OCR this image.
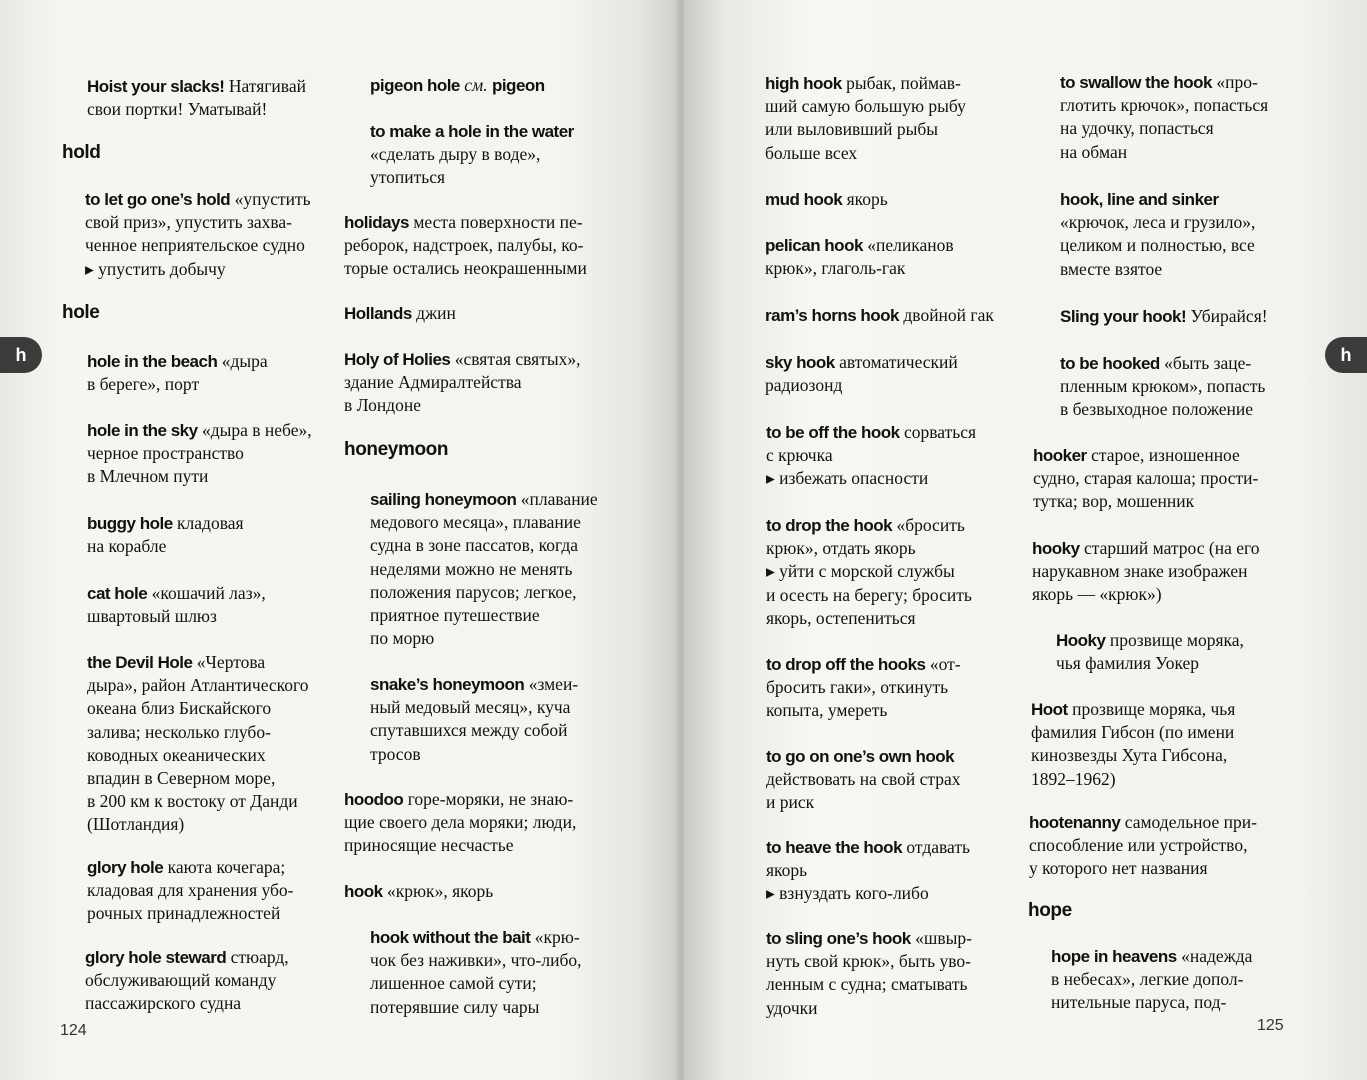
h
124	125
h
Hoist your slacks! Натягивай
свои портки! Уматывай!
hold
to let go one’s hold «упустить
свой приз», упустить захва-
ченное неприятельское судно
▸ упустить добычу
hole
hole in the beach «дыра
в береге», порт
hole in the sky «дыра в небе»,
черное пространство
в Млечном пути
buggy hole кладовая
на корабле
cat hole «кошачий лаз»,
швартовый шлюз
the Devil Hole «Чертова
дыра», район Атлантического
океана близ Бискайского
залива; несколько глубо-
ководных океанических
впадин в Северном море,
в 200 км к востоку от Данди
(Шотландия)
glory hole каюта кочегара;
кладовая для хранения убо-
рочных принадлежностей
glory hole steward стюард,
обслуживающий команду
пассажирского судна
pigeon hole см. pigeon
to make a hole in the water
«сделать дыру в воде»,
утопиться
holidays места поверхности пе-
реборок, надстроек, палубы, ко-
торые остались неокрашенными
Hollands джин
Holy of Holies «святая святых»,
здание Адмиралтейства
в Лондоне
honeymoon
sailing honeymoon «плавание
медового месяца», плавание
судна в зоне пассатов, когда
неделями можно не менять
положения парусов; легкое,
приятное путешествие
по морю
snake’s honeymoon «змеи-
ный медовый месяц», куча
спутавшихся между собой
тросов
hoodoo горе-моряки, не знаю-
щие своего дела моряки; люди,
приносящие несчастье
hook «крюк», якорь
hook without the bait «крю-
чок без наживки», что-либо,
лишенное самой сути;
потерявшие силу чары
high hook рыбак, поймав-
ший самую большую рыбу
или выловивший рыбы
больше всех
mud hook якорь
pelican hook «пеликанов
крюк», глаголь-гак
ram’s horns hook двойной гак
sky hook автоматический
радиозонд
to be off the hook сорваться
с крючка
▸ избежать опасности
to drop the hook «бросить
крюк», отдать якорь
▸ уйти с морской службы
и осесть на берегу; бросить
якорь, остепениться
to drop off the hooks «от-
бросить гаки», откинуть
копыта, умереть
to go on one’s own hook
действовать на свой страх
и риск
to heave the hook отдавать
якорь
▸ взнуздать кого-либо
to sling one’s hook «швыр-
нуть свой крюк», быть уво-
ленным с судна; сматывать
удочки
to swallow the hook «про-
глотить крючок», попасться
на удочку, попасться
на обман
hook, line and sinker
«крючок, леса и грузило»,
целиком и полностью, все
вместе взятое
Sling your hook! Убирайся!
to be hooked «быть зацe-
пленным крюком», попасть
в безвыходное положение
hooker старое, изношенное
судно, старая калоша; прости-
тутка; вор, мошенник
hooky старший матрос (на его
нарукавном знаке изображен
якорь — «крюк»)
Hooky прозвище моряка,
чья фамилия Уокер
Hoot прозвище моряка, чья
фамилия Гибсон (по имени
кинозвезды Хута Гибсона,
1892–1962)
hootenanny самодельное при-
способление или устройство,
у которого нет названия
hope
hope in heavens «надежда
в небесах», легкие допол-
нительные паруса, под-
